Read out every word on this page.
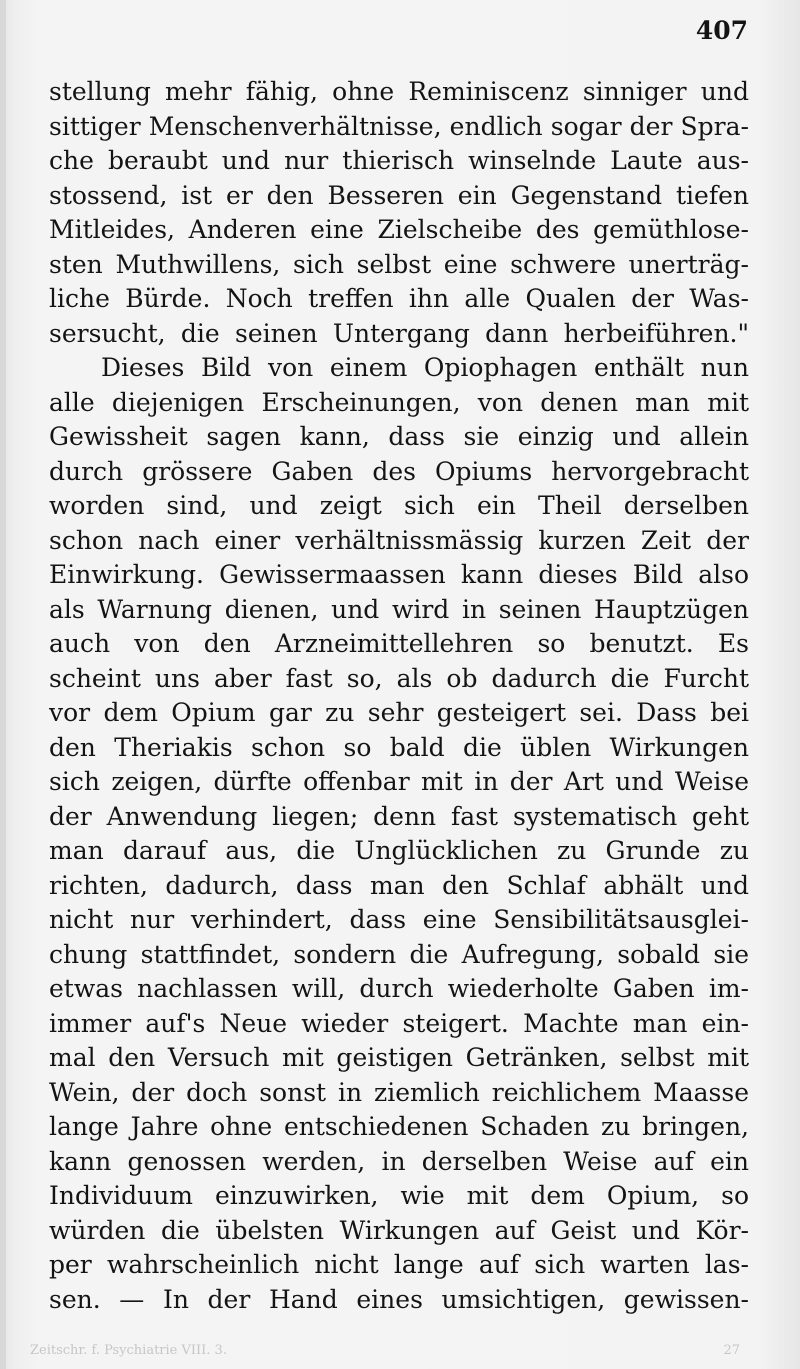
407
stellung mehr fähig, ohne Reminiscenz sinniger und
sittiger Menschenverhältnisse, endlich sogar der Spra-
che beraubt und nur thierisch winselnde Laute aus-
stossend, ist er den Besseren ein Gegenstand tiefen
Mitleides, Anderen eine Zielscheibe des gemüthlose-
sten Muthwillens, sich selbst eine schwere unerträg-
liche Bürde. Noch treffen ihn alle Qualen der Was-
sersucht, die seinen Untergang dann herbeiführen."
Dieses Bild von einem Opiophagen enthält nun
alle diejenigen Erscheinungen, von denen man mit
Gewissheit sagen kann, dass sie einzig und allein
durch grössere Gaben des Opiums hervorgebracht
worden sind, und zeigt sich ein Theil derselben
schon nach einer verhältnissmässig kurzen Zeit der
Einwirkung. Gewissermaassen kann dieses Bild also
als Warnung dienen, und wird in seinen Hauptzügen
auch von den Arzneimittellehren so benutzt. Es
scheint uns aber fast so, als ob dadurch die Furcht
vor dem Opium gar zu sehr gesteigert sei. Dass bei
den Theriakis schon so bald die üblen Wirkungen
sich zeigen, dürfte offenbar mit in der Art und Weise
der Anwendung liegen; denn fast systematisch geht
man darauf aus, die Unglücklichen zu Grunde zu
richten, dadurch, dass man den Schlaf abhält und
nicht nur verhindert, dass eine Sensibilitätsausglei-
chung stattfindet, sondern die Aufregung, sobald sie
etwas nachlassen will, durch wiederholte Gaben im-
immer auf's Neue wieder steigert. Machte man ein-
mal den Versuch mit geistigen Getränken, selbst mit
Wein, der doch sonst in ziemlich reichlichem Maasse
lange Jahre ohne entschiedenen Schaden zu bringen,
kann genossen werden, in derselben Weise auf ein
Individuum einzuwirken, wie mit dem Opium, so
würden die übelsten Wirkungen auf Geist und Kör-
per wahrscheinlich nicht lange auf sich warten las-
sen. — In der Hand eines umsichtigen, gewissen-
Zeitschr. f. Psychiatrie VIII. 3.	27
